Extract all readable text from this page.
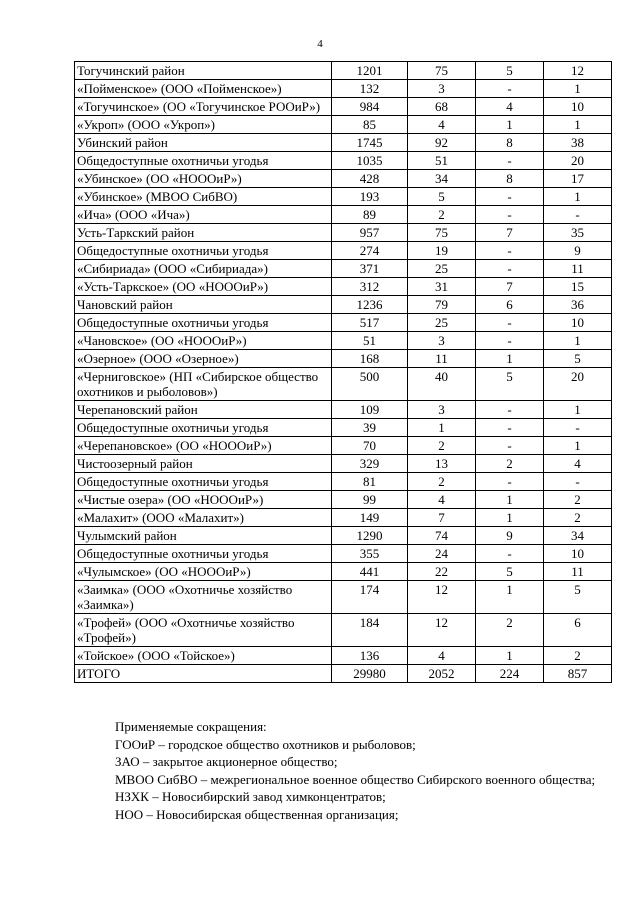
4
Тогучинский район	1201	75	5	12
«Пойменское» (ООО «Пойменское»)	132	3	-	1
«Тогучинское» (ОО «Тогучинское РООиР»)	984	68	4	10
«Укроп» (ООО «Укроп»)	85	4	1	1
Убинский район	1745	92	8	38
Общедоступные охотничьи угодья	1035	51	-	20
«Убинское» (ОО «НОООиР»)	428	34	8	17
«Убинское» (МВОО СибВО)	193	5	-	1
«Ича» (ООО «Ича»)	89	2	-	-
Усть-Таркский район	957	75	7	35
Общедоступные охотничьи угодья	274	19	-	9
«Сибириада» (ООО «Сибириада»)	371	25	-	11
«Усть-Таркское» (ОО «НОООиР»)	312	31	7	15
Чановский район	1236	79	6	36
Общедоступные охотничьи угодья	517	25	-	10
«Чановское» (ОО «НОООиР»)	51	3	-	1
«Озерное» (ООО «Озерное»)	168	11	1	5
«Черниговское» (НП «Сибирское общество охотников и рыболовов»)	500	40	5	20
Черепановский район	109	3	-	1
Общедоступные охотничьи угодья	39	1	-	-
«Черепановское» (ОО «НОООиР»)	70	2	-	1
Чистоозерный район	329	13	2	4
Общедоступные охотничьи угодья	81	2	-	-
«Чистые озера» (ОО «НОООиР»)	99	4	1	2
«Малахит» (ООО «Малахит»)	149	7	1	2
Чулымский район	1290	74	9	34
Общедоступные охотничьи угодья	355	24	-	10
«Чулымское» (ОО «НОООиР»)	441	22	5	11
«Заимка» (ООО «Охотничье хозяйство «Заимка»)	174	12	1	5
«Трофей» (ООО «Охотничье хозяйство «Трофей»)	184	12	2	6
«Тойское» (ООО «Тойское»)	136	4	1	2
ИТОГО	29980	2052	224	857

Применяемые сокращения:

ГООиР – городское общество охотников и рыболовов;

ЗАО – закрытое акционерное общество;

МВОО СибВО – межрегиональное военное общество Сибирского военного общества;

НЗХК – Новосибирский завод химконцентратов;

НОО – Новосибирская общественная организация;
